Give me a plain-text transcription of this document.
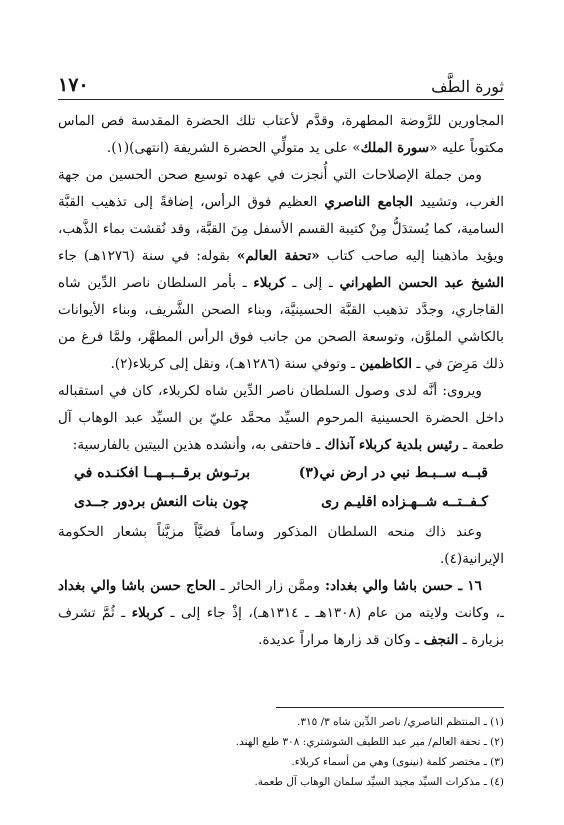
ثورة الطَّف
١٧٠

المجاورين للرَّوضة المطهرة، وقدَّم لأعتاب تلك الحضرة المقدسة فص الماس مكتوباً عليه «سورة الملك» على يد متولِّي الحضرة الشريفة (انتهى)(١).

ومن جملة الإصلاحات التي أُنجزت في عهده توسيع صحن الحسين من جهة الغرب، وتشييد الجامع الناصري العظيم فوق الرأس، إضافةً إلى تذهيب القبَّة السامية، كما يُستدَلُّ مِنْ كتيبة القسم الأسفل مِنَ القبَّة، وقد نُقشت بماء الذَّهب، ويؤيد ماذهبنا إليه صاحب كتاب «تحفة العالم» بقوله: في سنة (١٢٧٦هـ) جاء الشيخ عبد الحسن الطهراني ـ إلى ـ كربلاء ـ بأمر السلطان ناصر الدِّين شاه القاجاري، وجدَّد تذهيب القبَّة الحسينيَّة، وبناء الصحن الشَّريف، وبناء الأيوانات بالكاشي الملوَّن، وتوسعة الصحن من جانب فوق الرأس المطهَّر، ولمَّا فرغ من ذلك مَرِضَ في ـ الكاظمين ـ وتوفي سنة (١٢٨٦هـ)، ونقل إلى كربلاء(٢).

ويروى: أنَّه لدى وصول السلطان ناصر الدِّين شاه لكربلاء، كان في استقباله داخل الحضرة الحسينية المرحوم السيِّد محمَّد عليّ بن السيِّد عبد الوهاب آل طعمة ـ رئيس بلدية كربلاء آنذاك ـ فاحتفى به، وأنشده هذين البيتين بالفارسية:

قبــه ســبـط نبي در ارض ني(٣)
برتـوش برقــبــهــا افكنـده في
كـفــتــه شــهـزاده اقليـم رى
چون بنات النعش بردور جــدى

وعند ذاك منحه السلطان المذكور وساماً فضيَّاً مزيَّناً بشعار الحكومة الإيرانية(٤).

١٦ ـ حسن باشا والي بغداد: وممَّن زار الحائر ـ الحاج حسن باشا والي بغداد ـ، وكانت ولايته من عام (١٣٠٨هـ ـ ١٣١٤هـ)، إذْ جاء إلى ـ كربلاء ـ ثُمَّ تشرف بزيارة ـ النجف ـ وكان قد زارها مراراً عديدة.

(١) ـ المنتظم الناصري/ ناصر الدِّين شاه ٣/ ٣١٥.
(٢) ـ تحفة العالم/ مير عبد اللطيف الشوشتري: ٣٠٨ طبع الهند.
(٣) ـ مختصر كلمة (نينوى) وهي من أسماء كربلاء.
(٤) ـ مذكرات السيِّد مجيد السيِّد سلمان الوهاب آل طعمة.
